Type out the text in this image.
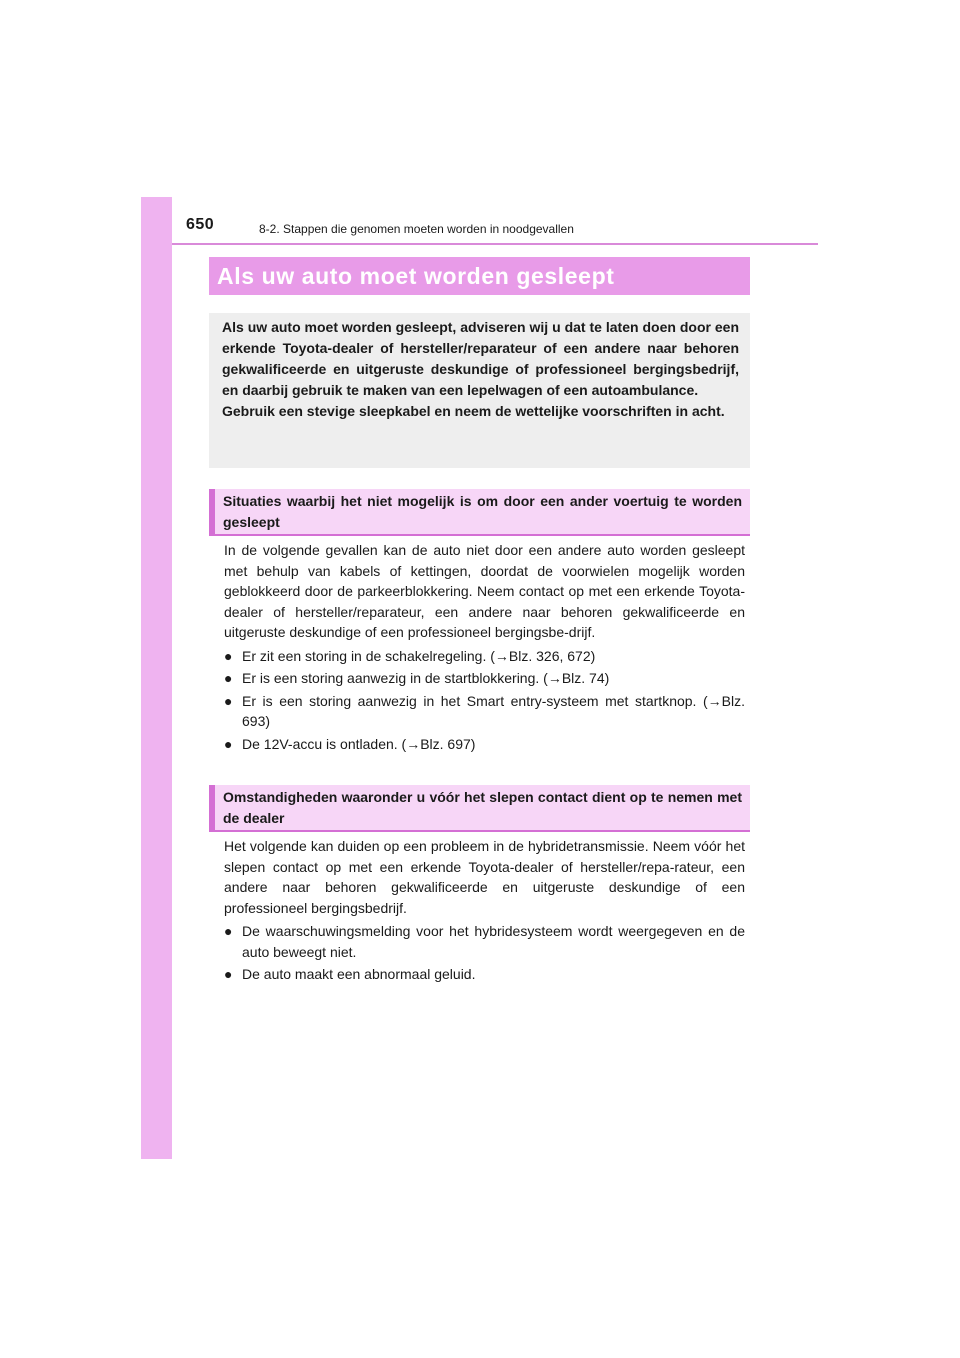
650	8-2. Stappen die genomen moeten worden in noodgevallen
Als uw auto moet worden gesleept

Als uw auto moet worden gesleept, adviseren wij u dat te laten doen door een erkende Toyota-dealer of hersteller/reparateur of een andere naar behoren gekwalificeerde en uitgeruste deskundige of professioneel bergingsbedrijf, en daarbij gebruik te maken van een lepelwagen of een autoambulance.

Gebruik een stevige sleepkabel en neem de wettelijke voorschriften in acht.

Situaties waarbij het niet mogelijk is om door een ander voertuig te worden gesleept

In de volgende gevallen kan de auto niet door een andere auto worden gesleept met behulp van kabels of kettingen, doordat de voorwielen mogelijk worden geblokkeerd door de parkeerblokkering. Neem contact op met een erkende Toyota-dealer of hersteller/reparateur, een andere naar behoren gekwalificeerde en uitgeruste deskundige of een professioneel bergingsbe-drijf.

● Er zit een storing in de schakelregeling. (→Blz. 326, 672)
● Er is een storing aanwezig in de startblokkering. (→Blz. 74)
● Er is een storing aanwezig in het Smart entry-systeem met startknop. (→Blz. 693)
● De 12V-accu is ontladen. (→Blz. 697)
Omstandigheden waaronder u vóór het slepen contact dient op te nemen met de dealer

Het volgende kan duiden op een probleem in de hybridetransmissie. Neem vóór het slepen contact op met een erkende Toyota-dealer of hersteller/repa-rateur, een andere naar behoren gekwalificeerde en uitgeruste deskundige of een professioneel bergingsbedrijf.

● De waarschuwingsmelding voor het hybridesysteem wordt weergegeven en de auto beweegt niet.
● De auto maakt een abnormaal geluid.
